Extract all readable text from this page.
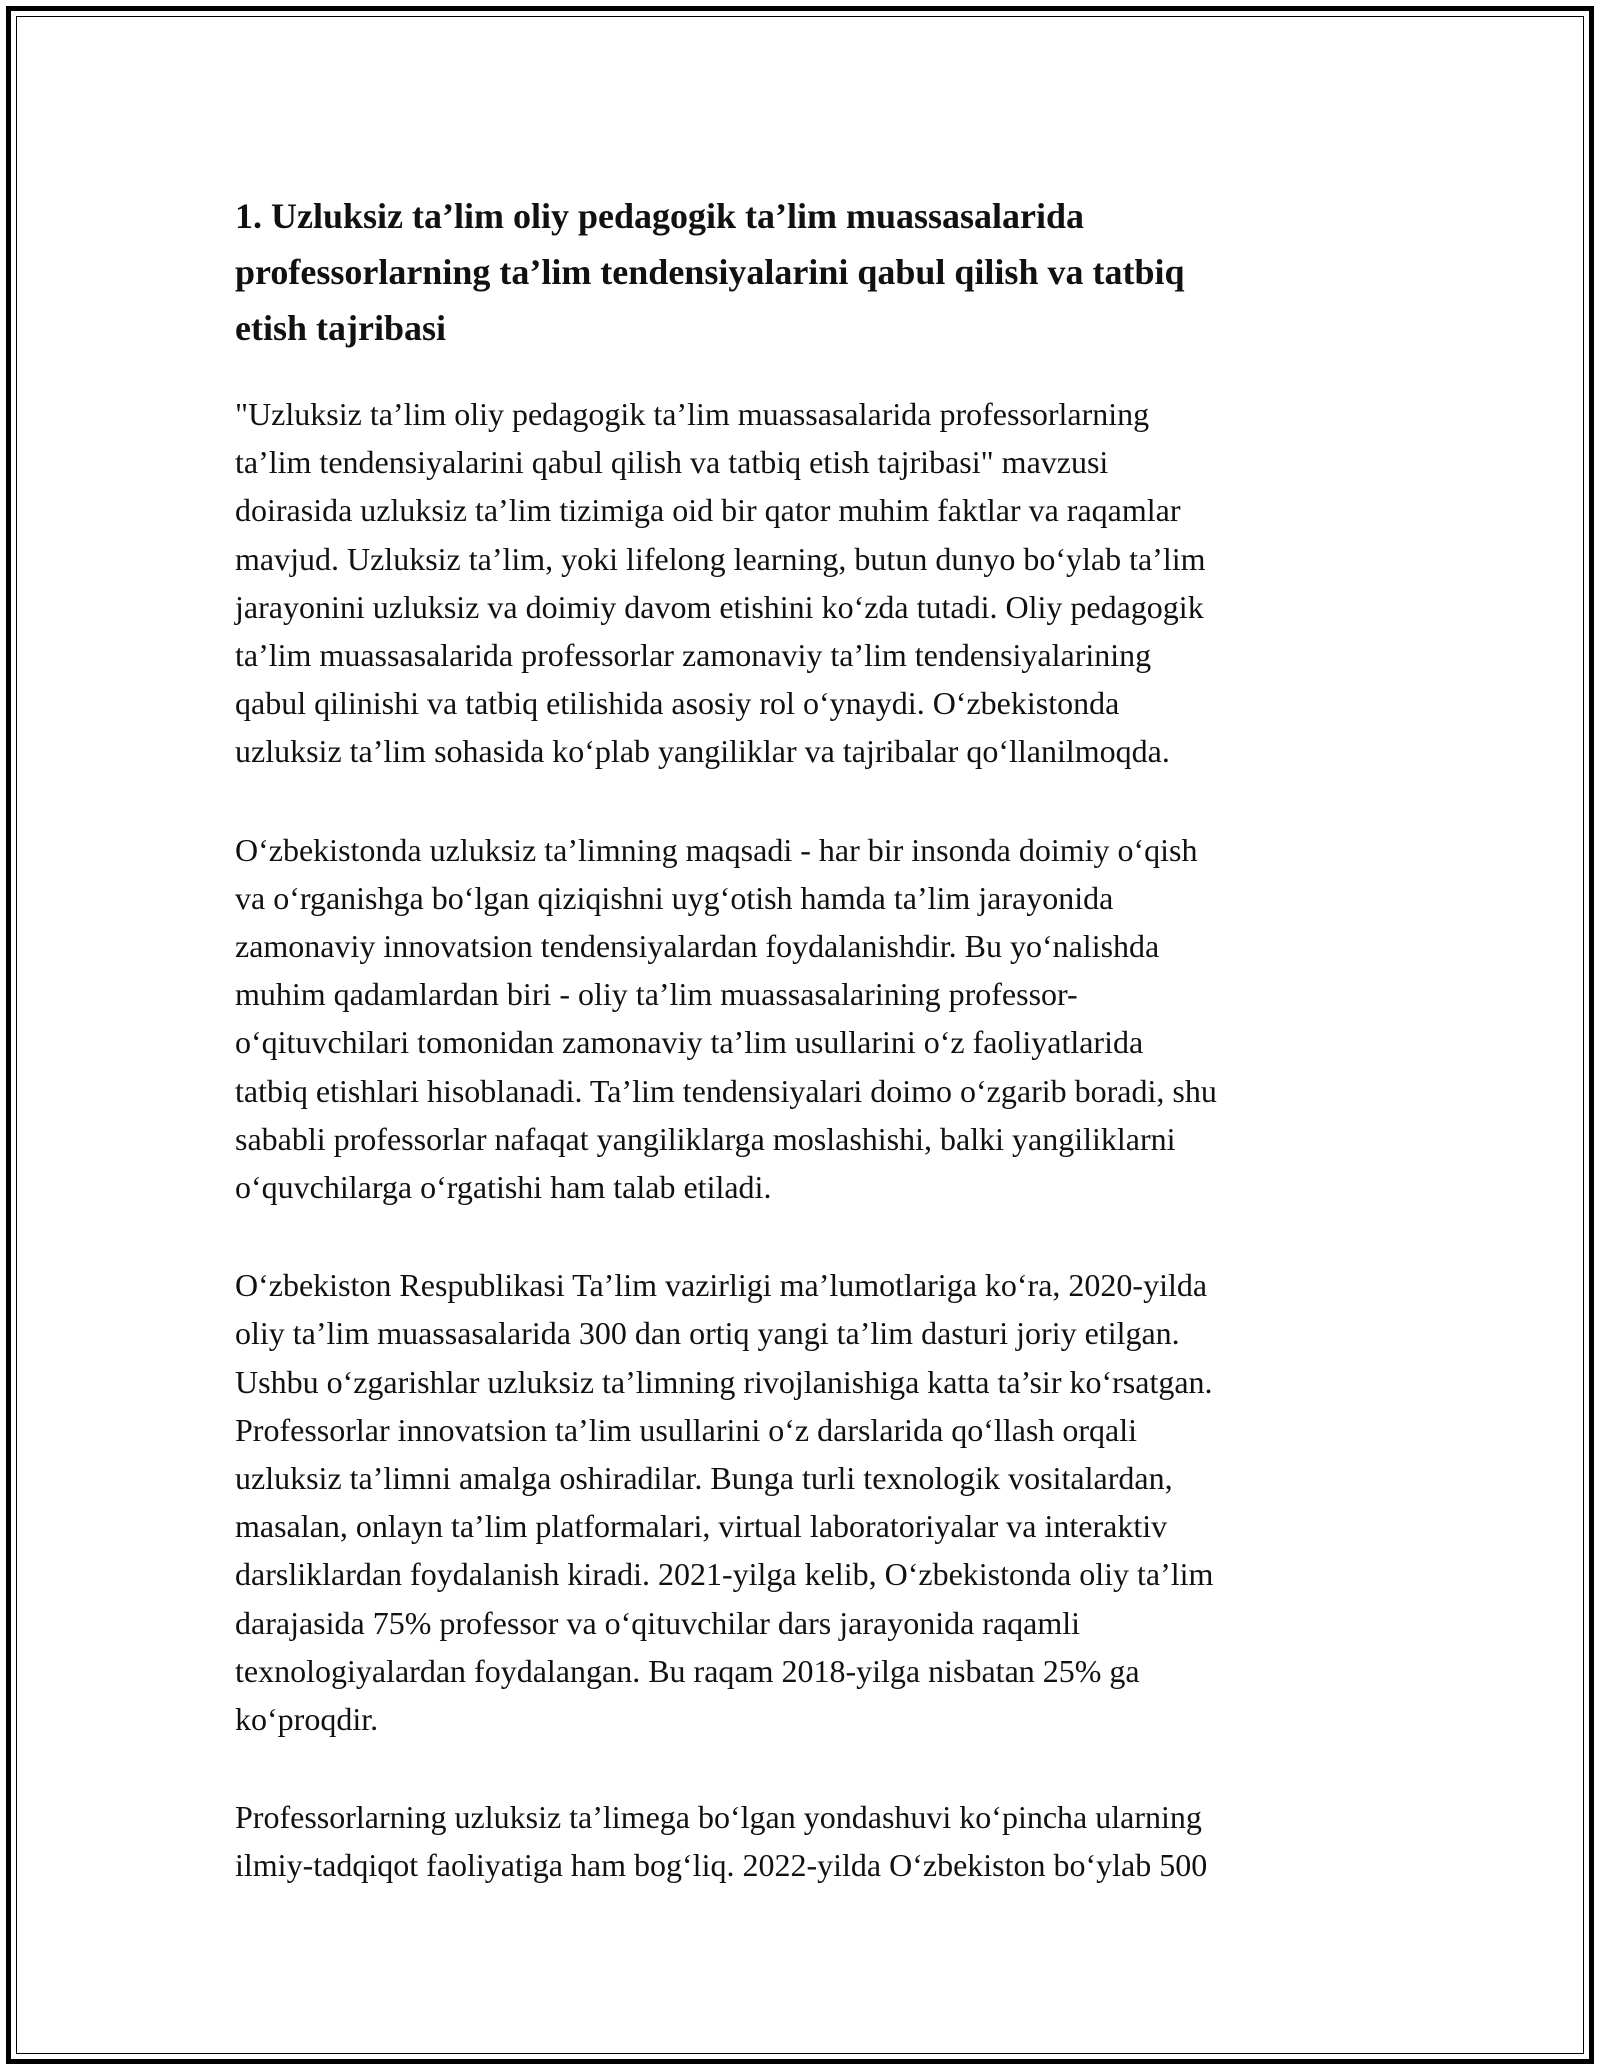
1. Uzluksiz ta’lim oliy pedagogik ta’lim muassasalarida
professorlarning ta’lim tendensiyalarini qabul qilish va tatbiq
etish tajribasi

"Uzluksiz ta’lim oliy pedagogik ta’lim muassasalarida professorlarning
ta’lim tendensiyalarini qabul qilish va tatbiq etish tajribasi" mavzusi
doirasida uzluksiz ta’lim tizimiga oid bir qator muhim faktlar va raqamlar
mavjud. Uzluksiz ta’lim, yoki lifelong learning, butun dunyo bo‘ylab ta’lim
jarayonini uzluksiz va doimiy davom etishini ko‘zda tutadi. Oliy pedagogik
ta’lim muassasalarida professorlar zamonaviy ta’lim tendensiyalarining
qabul qilinishi va tatbiq etilishida asosiy rol o‘ynaydi. O‘zbekistonda
uzluksiz ta’lim sohasida ko‘plab yangiliklar va tajribalar qo‘llanilmoqda.

O‘zbekistonda uzluksiz ta’limning maqsadi - har bir insonda doimiy o‘qish
va o‘rganishga bo‘lgan qiziqishni uyg‘otish hamda ta’lim jarayonida
zamonaviy innovatsion tendensiyalardan foydalanishdir. Bu yo‘nalishda
muhim qadamlardan biri - oliy ta’lim muassasalarining professor-
o‘qituvchilari tomonidan zamonaviy ta’lim usullarini o‘z faoliyatlarida
tatbiq etishlari hisoblanadi. Ta’lim tendensiyalari doimo o‘zgarib boradi, shu
sababli professorlar nafaqat yangiliklarga moslashishi, balki yangiliklarni
o‘quvchilarga o‘rgatishi ham talab etiladi.

O‘zbekiston Respublikasi Ta’lim vazirligi ma’lumotlariga ko‘ra, 2020-yilda
oliy ta’lim muassasalarida 300 dan ortiq yangi ta’lim dasturi joriy etilgan.
Ushbu o‘zgarishlar uzluksiz ta’limning rivojlanishiga katta ta’sir ko‘rsatgan.
Professorlar innovatsion ta’lim usullarini o‘z darslarida qo‘llash orqali
uzluksiz ta’limni amalga oshiradilar. Bunga turli texnologik vositalardan,
masalan, onlayn ta’lim platformalari, virtual laboratoriyalar va interaktiv
darsliklardan foydalanish kiradi. 2021-yilga kelib, O‘zbekistonda oliy ta’lim
darajasida 75% professor va o‘qituvchilar dars jarayonida raqamli
texnologiyalardan foydalangan. Bu raqam 2018-yilga nisbatan 25% ga
ko‘proqdir.

Professorlarning uzluksiz ta’limega bo‘lgan yondashuvi ko‘pincha ularning
ilmiy-tadqiqot faoliyatiga ham bog‘liq. 2022-yilda O‘zbekiston bo‘ylab 500
